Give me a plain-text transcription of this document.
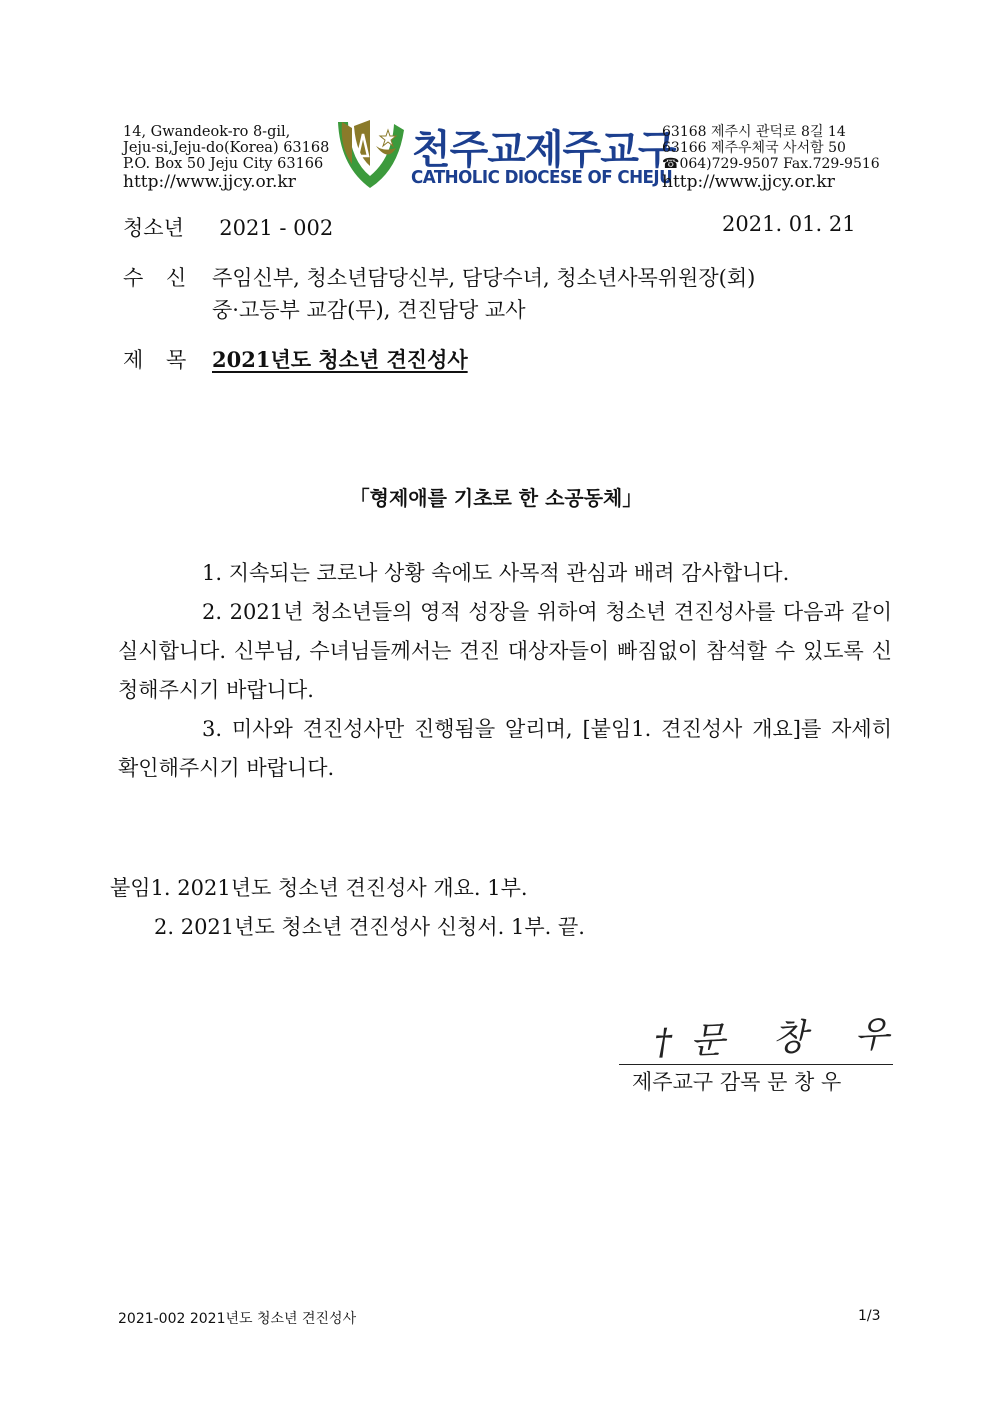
14, Gwandeok-ro 8-gil,
Jeju-si,Jeju-do(Korea) 63168
P.O. Box 50 Jeju City 63166
http://www.jjcy.or.kr
천주교제주교구
CATHOLIC DIOCESE OF CHEJU
63168 제주시 관덕로 8길 14
63166 제주우체국 사서함 50
☎064)729-9507 Fax.729-9516
http://www.jjcy.or.kr
청소년 2021 - 002	2021. 01. 21
수 신 주임신부, 청소년담당신부, 담당수녀, 청소년사목위원장(회)
중·고등부 교감(무), 견진담당 교사
제 목 2021년도 청소년 견진성사
「형제애를 기초로 한 소공동체」

1. 지속되는 코로나 상황 속에도 사목적 관심과 배려 감사합니다.

2. 2021년 청소년들의 영적 성장을 위하여 청소년 견진성사를 다음과 같이 실시합니다. 신부님, 수녀님들께서는 견진 대상자들이 빠짐없이 참석할 수 있도록 신청해주시기 바랍니다.

3. 미사와 견진성사만 진행됨을 알리며, [붙임1. 견진성사 개요]를 자세히 확인해주시기 바랍니다.

붙임1. 2021년도 청소년 견진성사 개요. 1부.
2. 2021년도 청소년 견진성사 신청서. 1부. 끝.
†문 창 우
제주교구 감목 문 창 우
2021-002 2021년도 청소년 견진성사	1/3
